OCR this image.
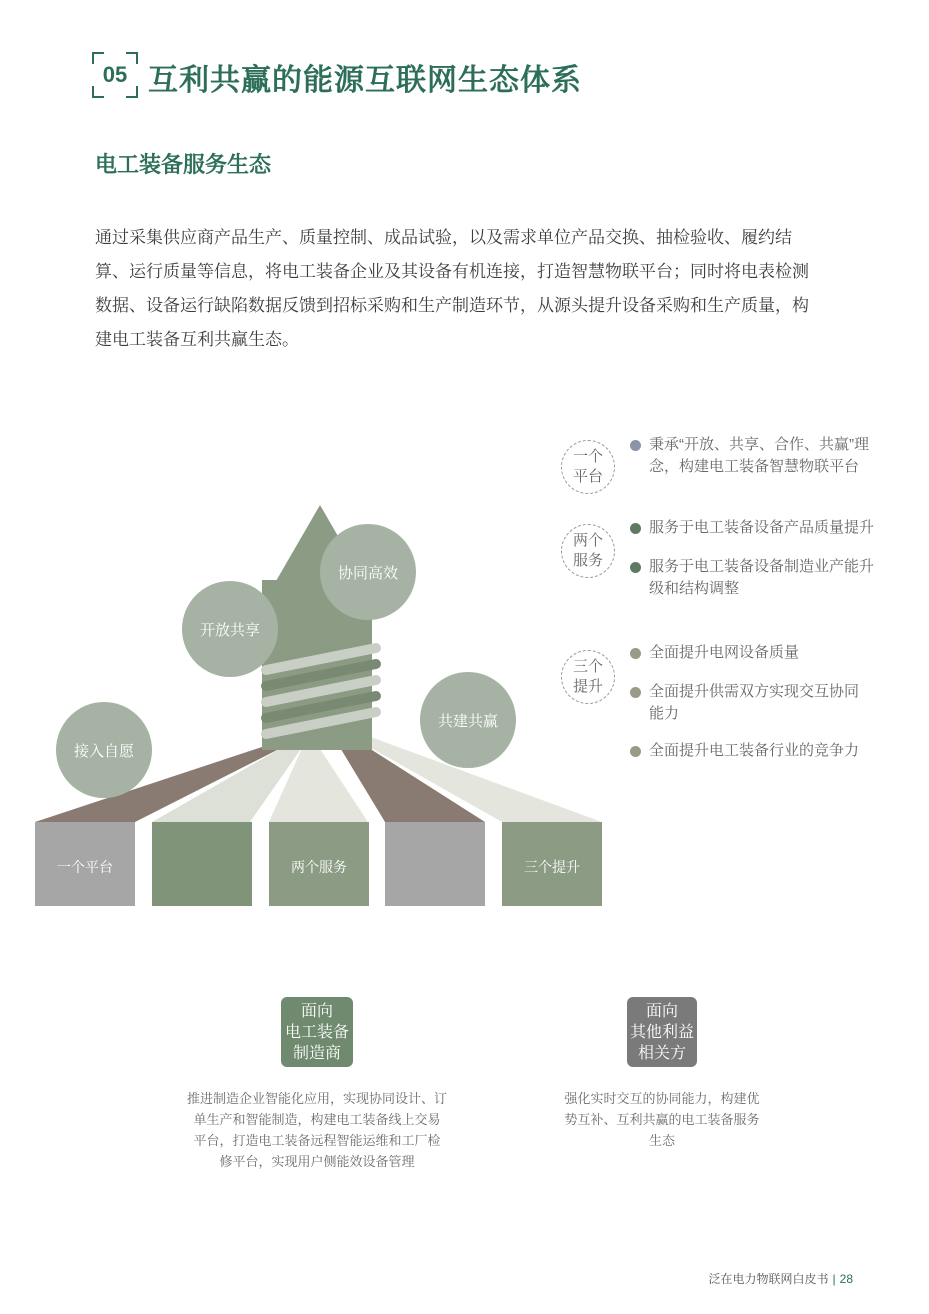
05 互利共赢的能源互联网生态体系
电工装备服务生态
通过采集供应商产品生产、质量控制、成品试验，以及需求单位产品交换、抽检验收、履约结
算、运行质量等信息，将电工装备企业及其设备有机连接，打造智慧物联平台；同时将电表检测
数据、设备运行缺陷数据反馈到招标采购和生产制造环节，从源头提升设备采购和生产质量，构
建电工装备互利共赢生态。
一个平台	两个服务	三个提升
接入自愿
开放共享
协同高效
共建共赢
一个
平台
秉承“开放、共享、合作、共赢”理
念，构建电工装备智慧物联平台
两个
服务
服务于电工装备设备产品质量提升
服务于电工装备设备制造业产能升
级和结构调整
三个
提升
全面提升电网设备质量
全面提升供需双方实现交互协同
能力
全面提升电工装备行业的竞争力
面向
电工装备
制造商
推进制造企业智能化应用，实现协同设计、订
单生产和智能制造，构建电工装备线上交易
平台，打造电工装备远程智能运维和工厂检
修平台，实现用户侧能效设备管理
面向
其他利益
相关方
强化实时交互的协同能力，构建优
势互补、互利共赢的电工装备服务
生态
泛在电力物联网白皮书 | 28
